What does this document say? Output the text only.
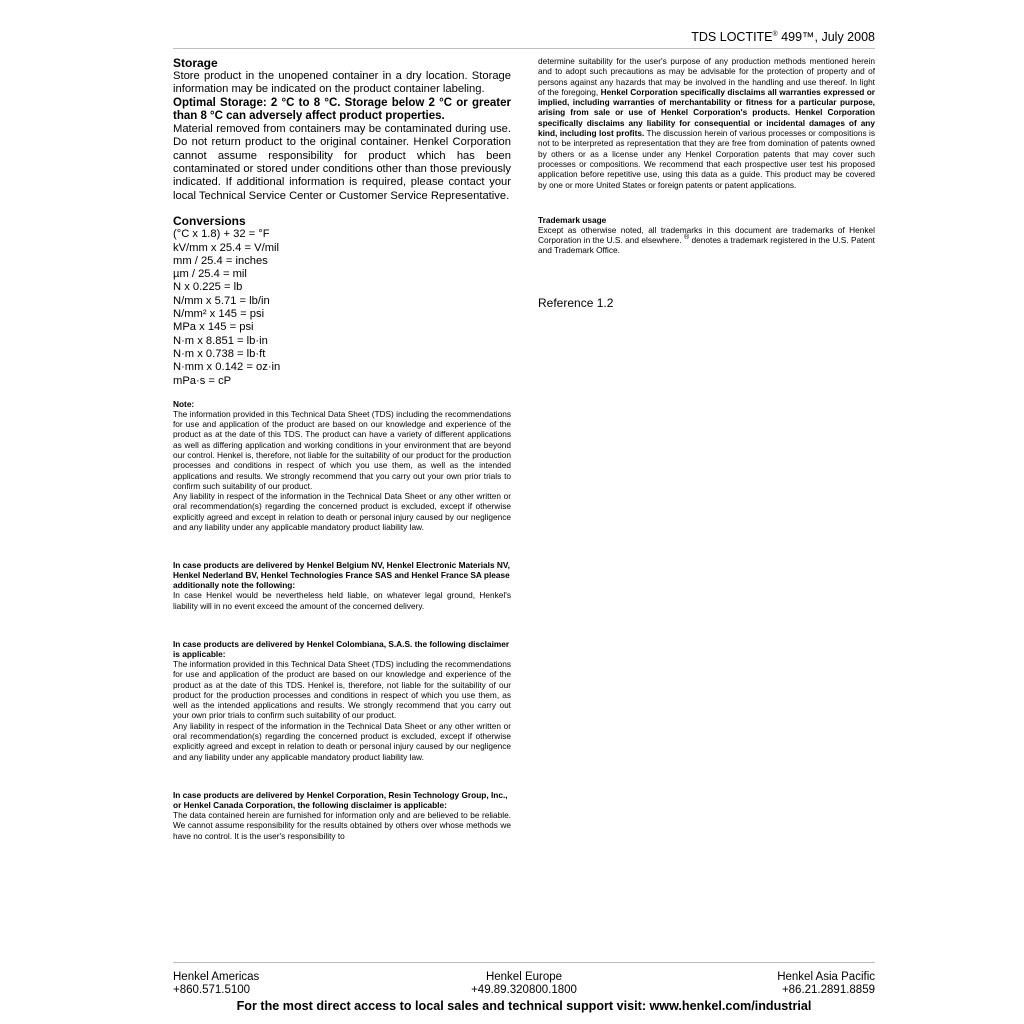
TDS LOCTITE® 499™, July 2008

Storage

Store product in the unopened container in a dry location. Storage information may be indicated on the product container labeling.

Optimal Storage: 2 °C to 8 °C. Storage below 2 °C or greater than 8 °C can adversely affect product properties.

Material removed from containers may be contaminated during use. Do not return product to the original container. Henkel Corporation cannot assume responsibility for product which has been contaminated or stored under conditions other than those previously indicated. If additional information is required, please contact your local Technical Service Center or Customer Service Representative.

Conversions

(°C x 1.8) + 32 = °F
kV/mm x 25.4 = V/mil
mm / 25.4 = inches
µm / 25.4 = mil
N x 0.225 = lb
N/mm x 5.71 = lb/in
N/mm² x 145 = psi
MPa x 145 = psi
N·m x 8.851 = lb·in
N·m x 0.738 = lb·ft
N·mm x 0.142 = oz·in
mPa·s = cP

Note:

The information provided in this Technical Data Sheet (TDS) including the recommendations for use and application of the product are based on our knowledge and experience of the product as at the date of this TDS. The product can have a variety of different applications as well as differing application and working conditions in your environment that are beyond our control. Henkel is, therefore, not liable for the suitability of our product for the production processes and conditions in respect of which you use them, as well as the intended applications and results. We strongly recommend that you carry out your own prior trials to confirm such suitability of our product.

Any liability in respect of the information in the Technical Data Sheet or any other written or oral recommendation(s) regarding the concerned product is excluded, except if otherwise explicitly agreed and except in relation to death or personal injury caused by our negligence and any liability under any applicable mandatory product liability law.

In case products are delivered by Henkel Belgium NV, Henkel Electronic Materials NV, Henkel Nederland BV, Henkel Technologies France SAS and Henkel France SA please additionally note the following:

In case Henkel would be nevertheless held liable, on whatever legal ground, Henkel's liability will in no event exceed the amount of the concerned delivery.

In case products are delivered by Henkel Colombiana, S.A.S. the following disclaimer is applicable:

The information provided in this Technical Data Sheet (TDS) including the recommendations for use and application of the product are based on our knowledge and experience of the product as at the date of this TDS. Henkel is, therefore, not liable for the suitability of our product for the production processes and conditions in respect of which you use them, as well as the intended applications and results. We strongly recommend that you carry out your own prior trials to confirm such suitability of our product.

Any liability in respect of the information in the Technical Data Sheet or any other written or oral recommendation(s) regarding the concerned product is excluded, except if otherwise explicitly agreed and except in relation to death or personal injury caused by our negligence and any liability under any applicable mandatory product liability law.

In case products are delivered by Henkel Corporation, Resin Technology Group, Inc., or Henkel Canada Corporation, the following disclaimer is applicable:

The data contained herein are furnished for information only and are believed to be reliable. We cannot assume responsibility for the results obtained by others over whose methods we have no control. It is the user's responsibility to

determine suitability for the user's purpose of any production methods mentioned herein and to adopt such precautions as may be advisable for the protection of property and of persons against any hazards that may be involved in the handling and use thereof. In light of the foregoing, Henkel Corporation specifically disclaims all warranties expressed or implied, including warranties of merchantability or fitness for a particular purpose, arising from sale or use of Henkel Corporation's products. Henkel Corporation specifically disclaims any liability for consequential or incidental damages of any kind, including lost profits. The discussion herein of various processes or compositions is not to be interpreted as representation that they are free from domination of patents owned by others or as a license under any Henkel Corporation patents that may cover such processes or compositions. We recommend that each prospective user test his proposed application before repetitive use, using this data as a guide. This product may be covered by one or more United States or foreign patents or patent applications.

Trademark usage

Except as otherwise noted, all trademarks in this document are trademarks of Henkel Corporation in the U.S. and elsewhere. ® denotes a trademark registered in the U.S. Patent and Trademark Office.

Reference 1.2

Henkel Americas
+860.571.5100
Henkel Europe
+49.89.320800.1800
Henkel Asia Pacific
+86.21.2891.8859
For the most direct access to local sales and technical support visit: www.henkel.com/industrial
